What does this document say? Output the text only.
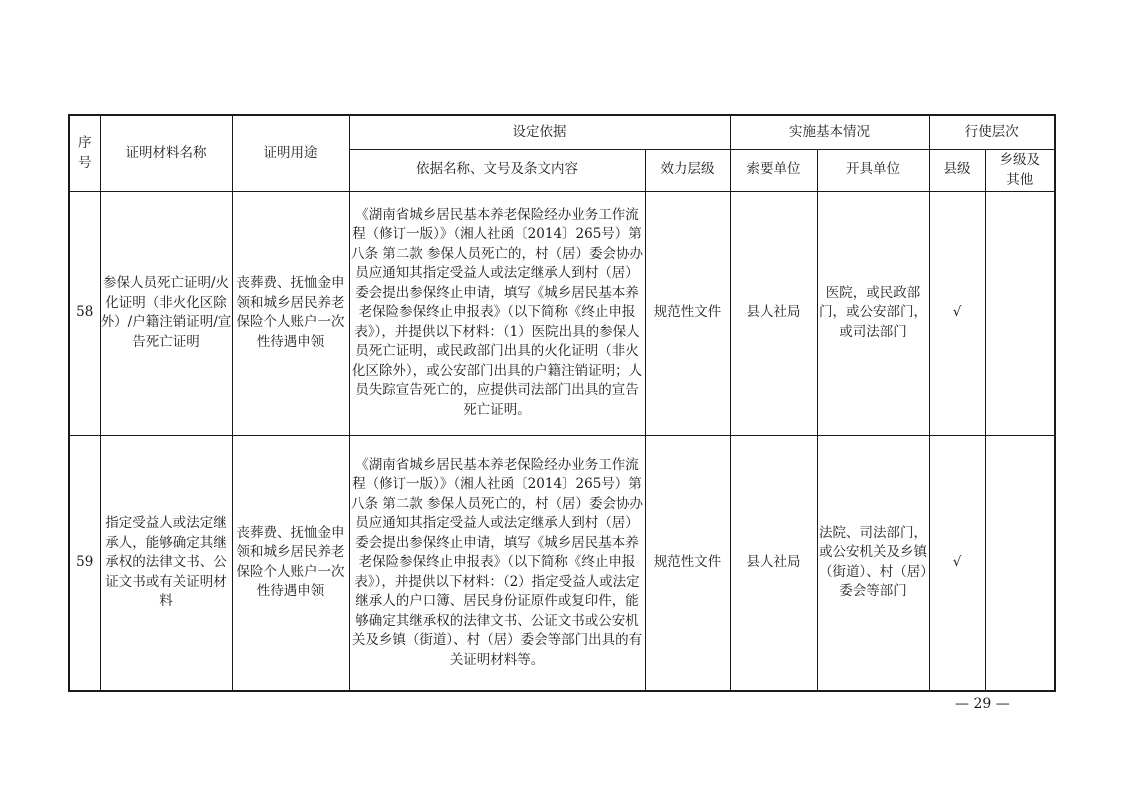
序号	证明材料名称	证明用途	设定依据		实施基本情况		行使层次	
			依据名称、文号及条文内容	效力层级	索要单位	开具单位	县级	乡级及其他
58	参保人员死亡证明/火化证明（非火化区除外）/户籍注销证明/宣告死亡证明	丧葬费、抚恤金申领和城乡居民养老保险个人账户一次性待遇申领	《湖南省城乡居民基本养老保险经办业务工作流程（修订一版）》（湘人社函〔2014〕265号）第八条 第二款 参保人员死亡的，村（居）委会协办员应通知其指定受益人或法定继承人到村（居）委会提出参保终止申请，填写《城乡居民基本养老保险参保终止申报表》（以下简称《终止申报表》），并提供以下材料：（1）医院出具的参保人员死亡证明，或民政部门出具的火化证明（非火化区除外），或公安部门出具的户籍注销证明；人员失踪宣告死亡的，应提供司法部门出具的宣告死亡证明。	规范性文件	县人社局	医院，或民政部门，或公安部门，或司法部门	√	
59	指定受益人或法定继承人，能够确定其继承权的法律文书、公证文书或有关证明材料	丧葬费、抚恤金申领和城乡居民养老保险个人账户一次性待遇申领	《湖南省城乡居民基本养老保险经办业务工作流程（修订一版）》（湘人社函〔2014〕265号）第八条 第二款 参保人员死亡的，村（居）委会协办员应通知其指定受益人或法定继承人到村（居）委会提出参保终止申请，填写《城乡居民基本养老保险参保终止申报表》（以下简称《终止申报表》），并提供以下材料：（2）指定受益人或法定继承人的户口簿、居民身份证原件或复印件，能够确定其继承权的法律文书、公证文书或公安机关及乡镇（街道）、村（居）委会等部门出具的有关证明材料等。	规范性文件	县人社局	法院、司法部门，或公安机关及乡镇（街道）、村（居）委会等部门	√	
— 29 —
